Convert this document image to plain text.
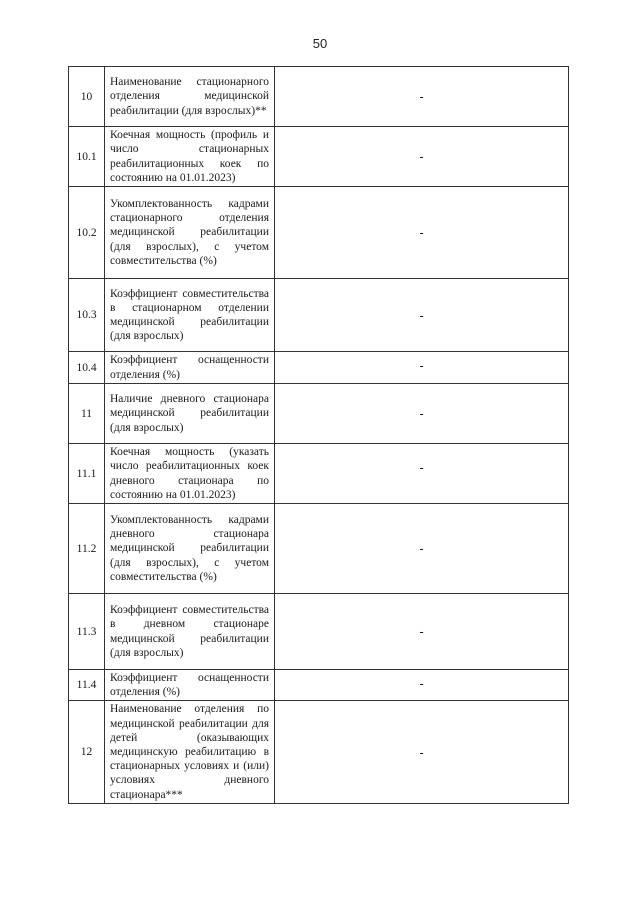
50
10	Наименование стационарного отделения медицинской реабилитации (для взрослых)**	-
10.1	Коечная мощность (профиль и число стационарных реабилитационных коек по состоянию на 01.01.2023)	-
10.2	Укомплектованность кадрами стационарного отделения медицинской реабилитации (для взрослых), с учетом совместительства (%)	-
10.3	Коэффициент совместительства в стационарном отделении медицинской реабилитации (для взрослых)	-
10.4	Коэффициент оснащенности отделения (%)	-
11	Наличие дневного стационара медицинской реабилитации (для взрослых)	-
11.1	Коечная мощность (указать число реабилитационных коек дневного стационара по состоянию на 01.01.2023)	-
11.2	Укомплектованность кадрами дневного стационара медицинской реабилитации (для взрослых), с учетом совместительства (%)	-
11.3	Коэффициент совместительства в дневном стационаре медицинской реабилитации (для взрослых)	-
11.4	Коэффициент оснащенности отделения (%)	-
12	Наименование отделения по медицинской реабилитации для детей (оказывающих медицинскую реабилитацию в стационарных условиях и (или) условиях дневного стационара***	-
